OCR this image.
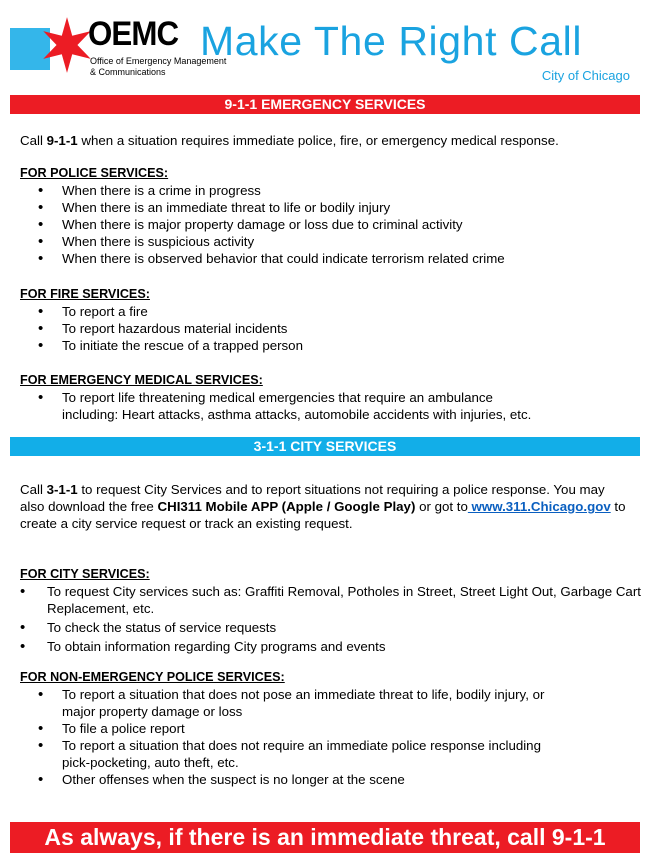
OEMC
Office of Emergency Management
& Communications
Make The Right Call
City of Chicago
9-1-1 EMERGENCY SERVICES
Call 9-1-1 when a situation requires immediate police, fire, or emergency medical response.
FOR POLICE SERVICES:
• When there is a crime in progress
• When there is an immediate threat to life or bodily injury
• When there is major property damage or loss due to criminal activity
• When there is suspicious activity
• When there is observed behavior that could indicate terrorism related crime
FOR FIRE SERVICES:
• To report a fire
• To report hazardous material incidents
• To initiate the rescue of a trapped person
FOR EMERGENCY MEDICAL SERVICES:
• To report life threatening medical emergencies that require an ambulance
including: Heart attacks, asthma attacks, automobile accidents with injuries, etc.
3-1-1 CITY SERVICES
Call 3-1-1 to request City Services and to report situations not requiring a police response. You may
also download the free CHI311 Mobile APP (Apple / Google Play) or got to www.311.Chicago.gov to
create a city service request or track an existing request.
FOR CITY SERVICES:
• To request City services such as: Graffiti Removal, Potholes in Street, Street Light Out, Garbage Cart
Replacement, etc.
• To check the status of service requests
• To obtain information regarding City programs and events
FOR NON-EMERGENCY POLICE SERVICES:
• To report a situation that does not pose an immediate threat to life, bodily injury, or
major property damage or loss
• To file a police report
• To report a situation that does not require an immediate police response including
pick-pocketing, auto theft, etc.
• Other offenses when the suspect is no longer at the scene
As always, if there is an immediate threat, call 9-1-1
